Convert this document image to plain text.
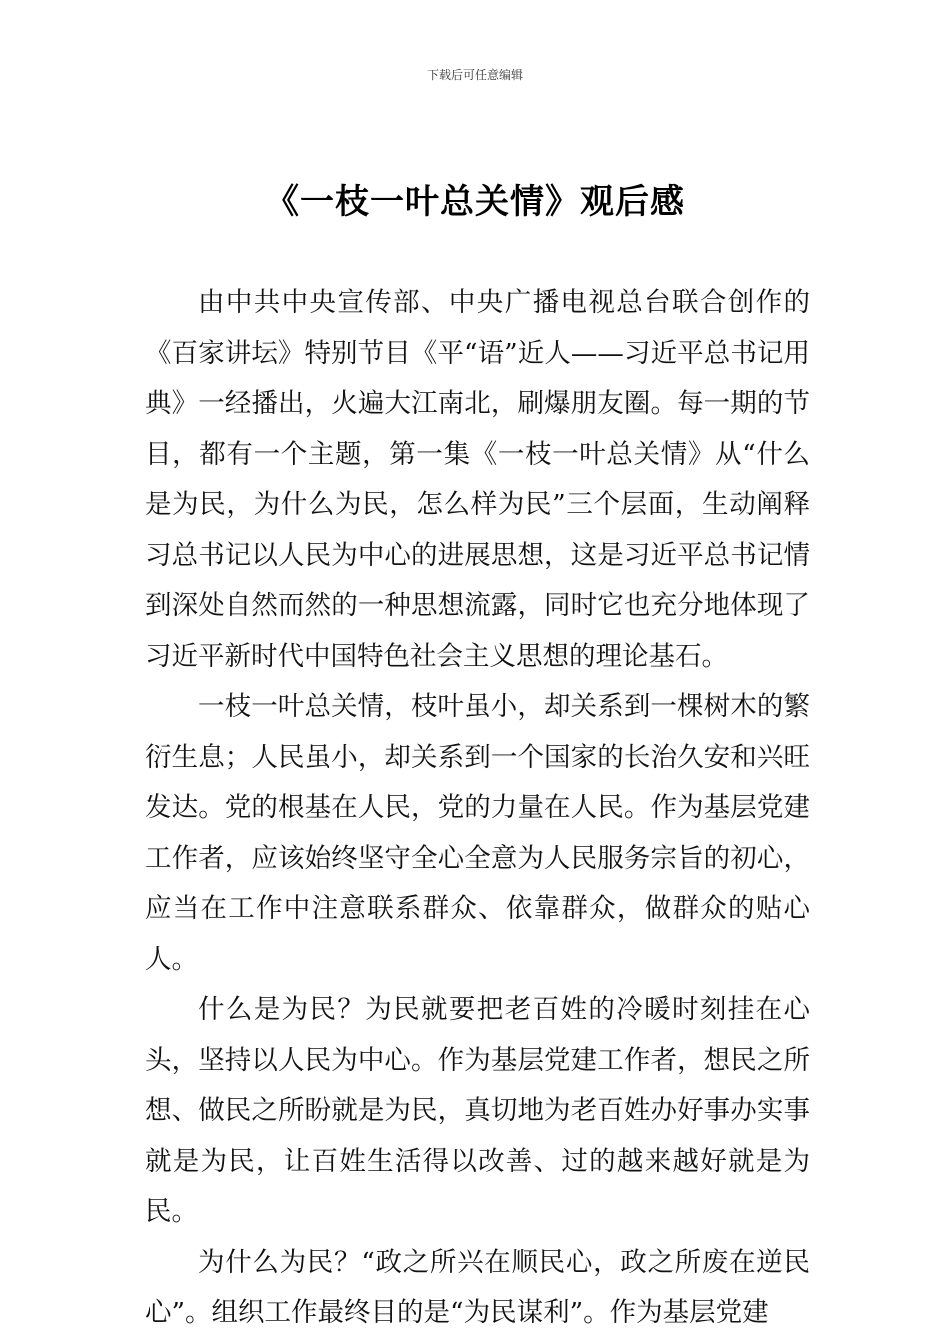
下载后可任意编辑
《一枝一叶总关情》观后感

由中共中央宣传部、中央广播电视总台联合创作的《百家讲坛》特别节目《平“语”近人——习近平总书记用典》一经播出，火遍大江南北，刷爆朋友圈。每一期的节目，都有一个主题，第一集《一枝一叶总关情》从“什么是为民，为什么为民，怎么样为民”三个层面，生动阐释习总书记以人民为中心的进展思想，这是习近平总书记情到深处自然而然的一种思想流露，同时它也充分地体现了习近平新时代中国特色社会主义思想的理论基石。

一枝一叶总关情，枝叶虽小，却关系到一棵树木的繁衍生息；人民虽小，却关系到一个国家的长治久安和兴旺发达。党的根基在人民，党的力量在人民。作为基层党建工作者，应该始终坚守全心全意为人民服务宗旨的初心，应当在工作中注意联系群众、依靠群众，做群众的贴心人。

什么是为民？为民就要把老百姓的冷暖时刻挂在心头，坚持以人民为中心。作为基层党建工作者，想民之所想、做民之所盼就是为民，真切地为老百姓办好事办实事就是为民，让百姓生活得以改善、过的越来越好就是为民。

为什么为民？“政之所兴在顺民心，政之所废在逆民心”。组织工作最终目的是“为民谋利”。作为基层党建
